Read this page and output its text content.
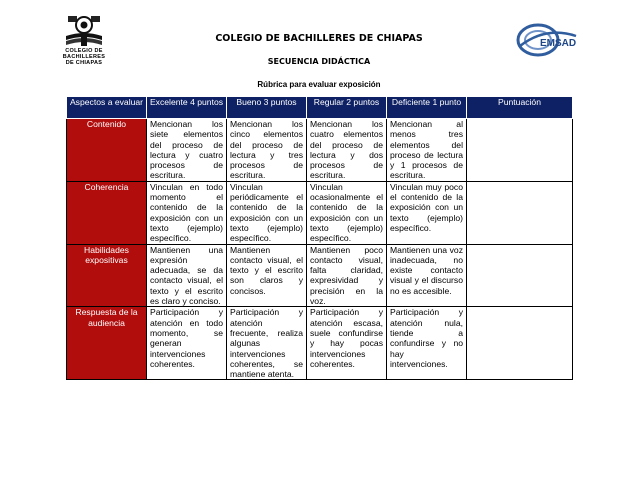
COLEGIO DE
BACHILLERES
DE CHIAPAS
EMSAD
COLEGIO DE BACHILLERES DE CHIAPAS
SECUENCIA DIDÁCTICA
Rúbrica para evaluar exposición
Aspectos a evaluar	Excelente 4 puntos	Bueno 3 puntos	Regular 2 puntos	Deficiente 1 punto	Puntuación
Contenido	Mencionan los siete elementos del proceso de lectura y cuatro procesos de escritura.	Mencionan los cinco elementos del proceso de lectura y tres procesos de escritura.	Mencionan los cuatro elementos del proceso de lectura y dos procesos de escritura.	Mencionan al menos tres elementos del proceso de lectura y 1 procesos de escritura.	
Coherencia	Vinculan en todo momento el contenido de la exposición con un texto (ejemplo) específico.	Vinculan periódicamente el contenido de la exposición con un texto (ejemplo) específico.	Vinculan ocasionalmente el contenido de la exposición con un texto (ejemplo) específico.	Vinculan muy poco el contenido de la exposición con un texto (ejemplo) específico.	
Habilidades expositivas	Mantienen una expresión adecuada, se da contacto visual, el texto y el escrito es claro y conciso.	Mantienen contacto visual, el texto y el escrito son claros y concisos.	Mantienen poco contacto visual, falta claridad, expresividad y precisión en la voz.	Mantienen una voz inadecuada, no existe contacto visual y el discurso no es accesible.	
Respuesta de la audiencia	Participación y atención en todo momento, se generan intervenciones coherentes.	Participación y atención frecuente, realiza algunas intervenciones coherentes, se mantiene atenta.	Participación y atención escasa, suele confundirse y hay pocas intervenciones coherentes.	Participación y atención nula, tiende a confundirse y no hay intervenciones.	
